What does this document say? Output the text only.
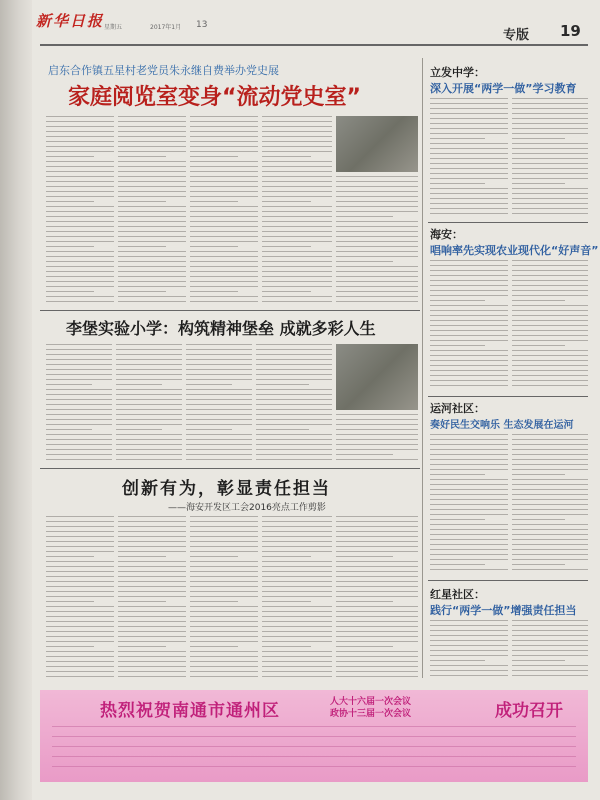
新华日报 星期五	2017年1月 13
专版 19
启东合作镇五星村老党员朱永继自费举办党史展
家庭阅览室变身“流动党史室”
李堡实验小学：构筑精神堡垒 成就多彩人生
创新有为，彰显责任担当
——海安开发区工会2016亮点工作剪影
立发中学：
深入开展“两学一做”学习教育
海安：
唱响率先实现农业现代化“好声音”
运河社区：
奏好民生交响乐 生态发展在运河
红星社区：
践行“两学一做”增强责任担当
热烈祝贺南通市通州区	人大十六届一次会议
政协十三届一次会议	成功召开
